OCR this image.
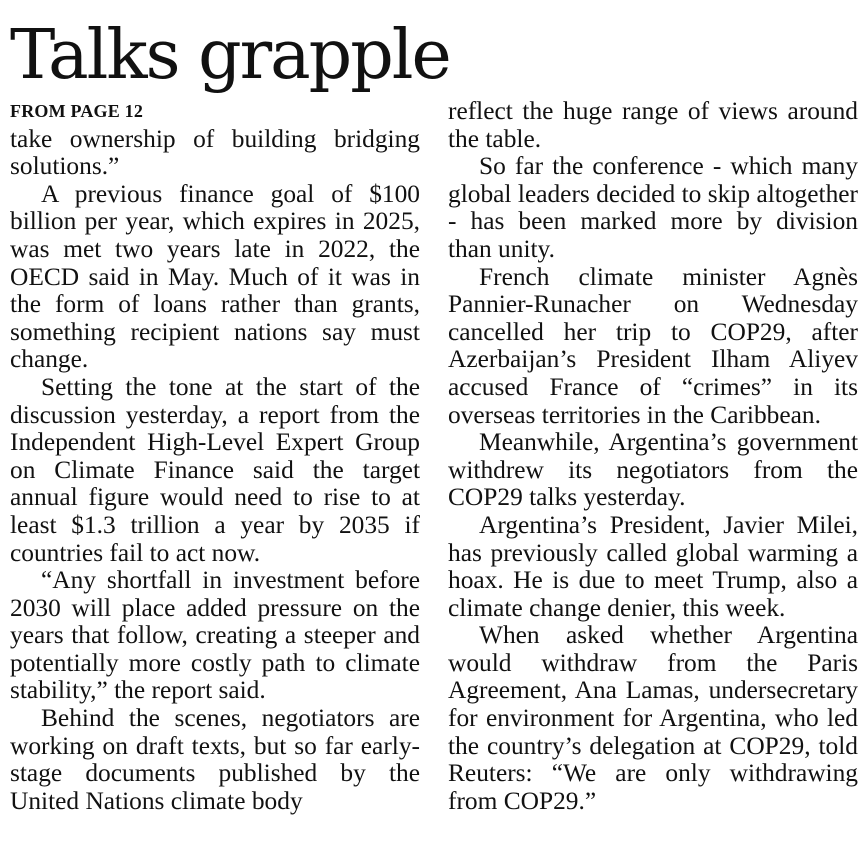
Talks grapple
FROM PAGE 12

take ownership of building bridging solutions.”

A previous finance goal of $100 billion per year, which expires in 2025, was met two years late in 2022, the OECD said in May. Much of it was in the form of loans rather than grants, something recipient nations say must change.

Setting the tone at the start of the discussion yesterday, a report from the Independent High-Level Expert Group on Climate Finance said the target annual figure would need to rise to at least $1.3 trillion a year by 2035 if countries fail to act now.

“Any shortfall in investment before 2030 will place added pressure on the years that follow, creating a steeper and potentially more costly path to climate stability,” the report said.

Behind the scenes, negotiators are working on draft texts, but so far early-stage documents published by the United Nations climate body

reflect the huge range of views around the table.

So far the conference - which many global leaders decided to skip altogether - has been marked more by division than unity.

French climate minister Agnès Pannier-Runacher on Wednesday cancelled her trip to COP29, after Azerbaijan’s President Ilham Aliyev accused France of “crimes” in its overseas territories in the Caribbean.

Meanwhile, Argentina’s government withdrew its negotiators from the COP29 talks yesterday.

Argentina’s President, Javier Milei, has previously called global warming a hoax. He is due to meet Trump, also a climate change denier, this week.

When asked whether Argentina would withdraw from the Paris Agreement, Ana Lamas, undersecretary for environment for Argentina, who led the country’s delegation at COP29, told Reuters: “We are only withdrawing from COP29.”
